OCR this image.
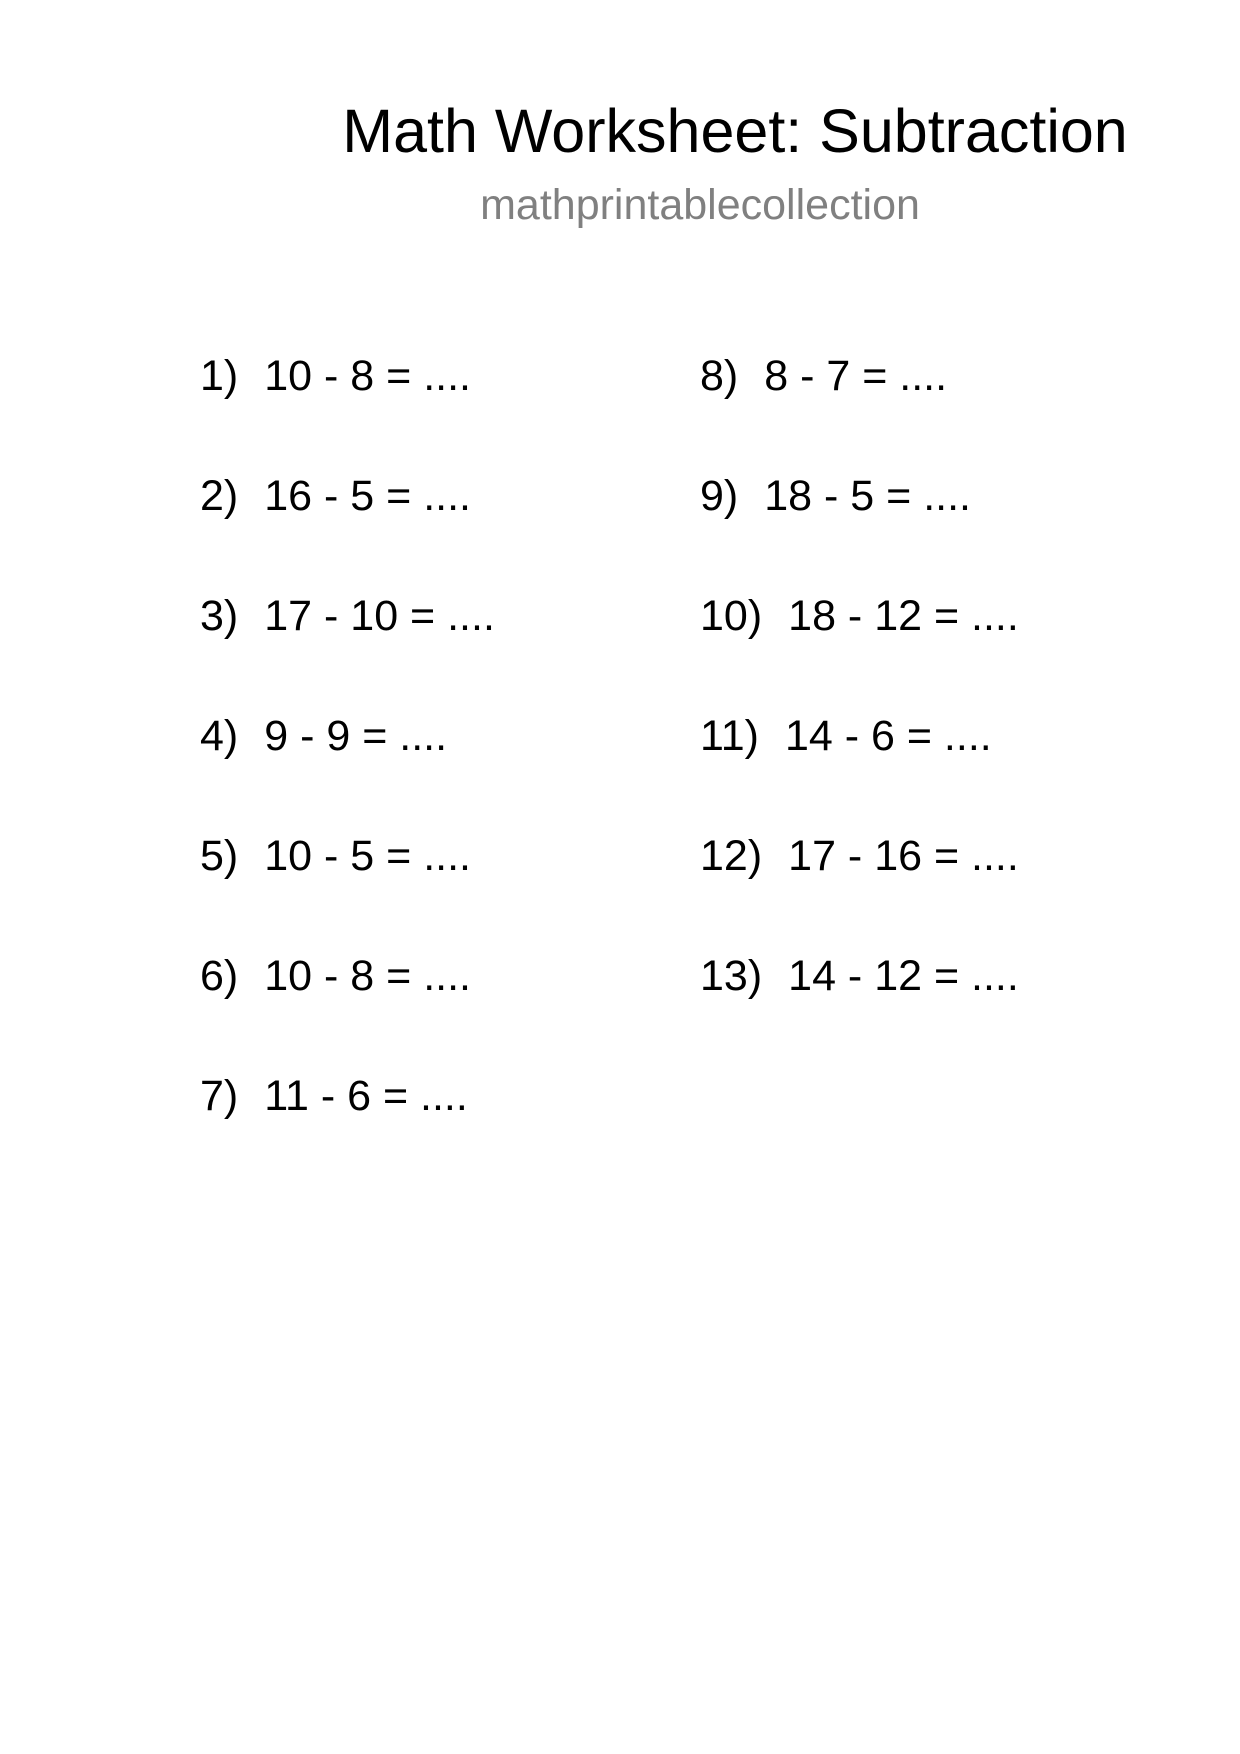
Math Worksheet: Subtraction
mathprintablecollection
1) 10 - 8 = ....
2) 16 - 5 = ....
3) 17 - 10 = ....
4) 9 - 9 = ....
5) 10 - 5 = ....
6) 10 - 8 = ....
7) 11 - 6 = ....
8) 8 - 7 = ....
9) 18 - 5 = ....
10) 18 - 12 = ....
11) 14 - 6 = ....
12) 17 - 16 = ....
13) 14 - 12 = ....
